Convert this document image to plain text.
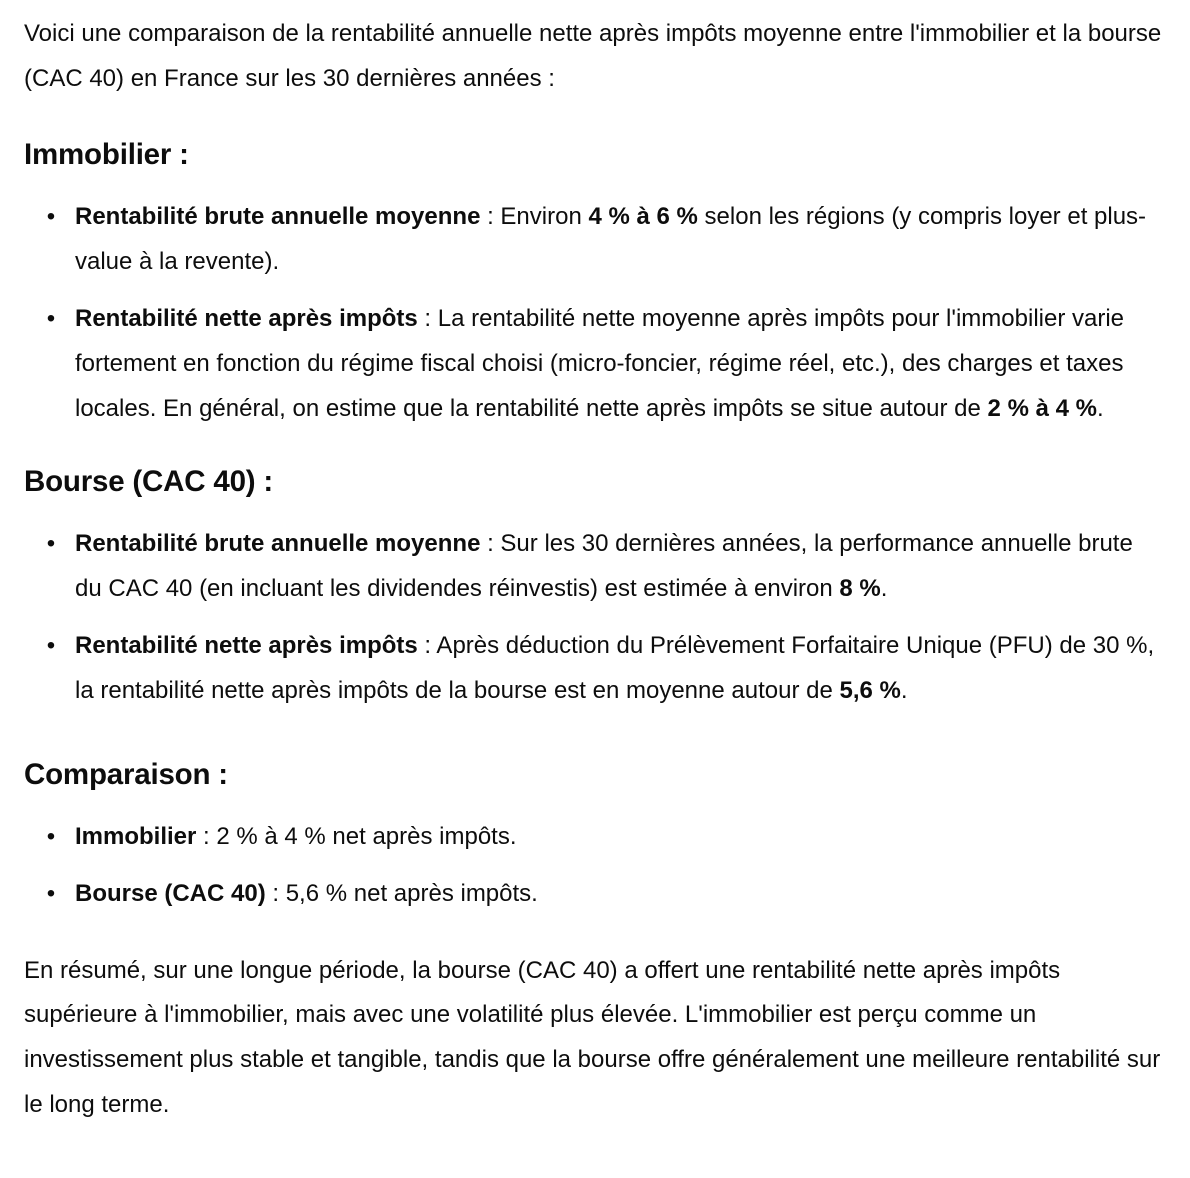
Voici une comparaison de la rentabilité annuelle nette après impôts moyenne entre l'immobilier et la bourse (CAC 40) en France sur les 30 dernières années :

Immobilier :
• Rentabilité brute annuelle moyenne : Environ 4 % à 6 % selon les régions (y compris loyer et plus-value à la revente).
• Rentabilité nette après impôts : La rentabilité nette moyenne après impôts pour l'immobilier varie fortement en fonction du régime fiscal choisi (micro-foncier, régime réel, etc.), des charges et taxes locales. En général, on estime que la rentabilité nette après impôts se situe autour de 2 % à 4 %.
Bourse (CAC 40) :
• Rentabilité brute annuelle moyenne : Sur les 30 dernières années, la performance annuelle brute du CAC 40 (en incluant les dividendes réinvestis) est estimée à environ 8 %.
• Rentabilité nette après impôts : Après déduction du Prélèvement Forfaitaire Unique (PFU) de 30 %, la rentabilité nette après impôts de la bourse est en moyenne autour de 5,6 %.
Comparaison :
• Immobilier : 2 % à 4 % net après impôts.
• Bourse (CAC 40) : 5,6 % net après impôts.

En résumé, sur une longue période, la bourse (CAC 40) a offert une rentabilité nette après impôts supérieure à l'immobilier, mais avec une volatilité plus élevée. L'immobilier est perçu comme un investissement plus stable et tangible, tandis que la bourse offre généralement une meilleure rentabilité sur le long terme.
